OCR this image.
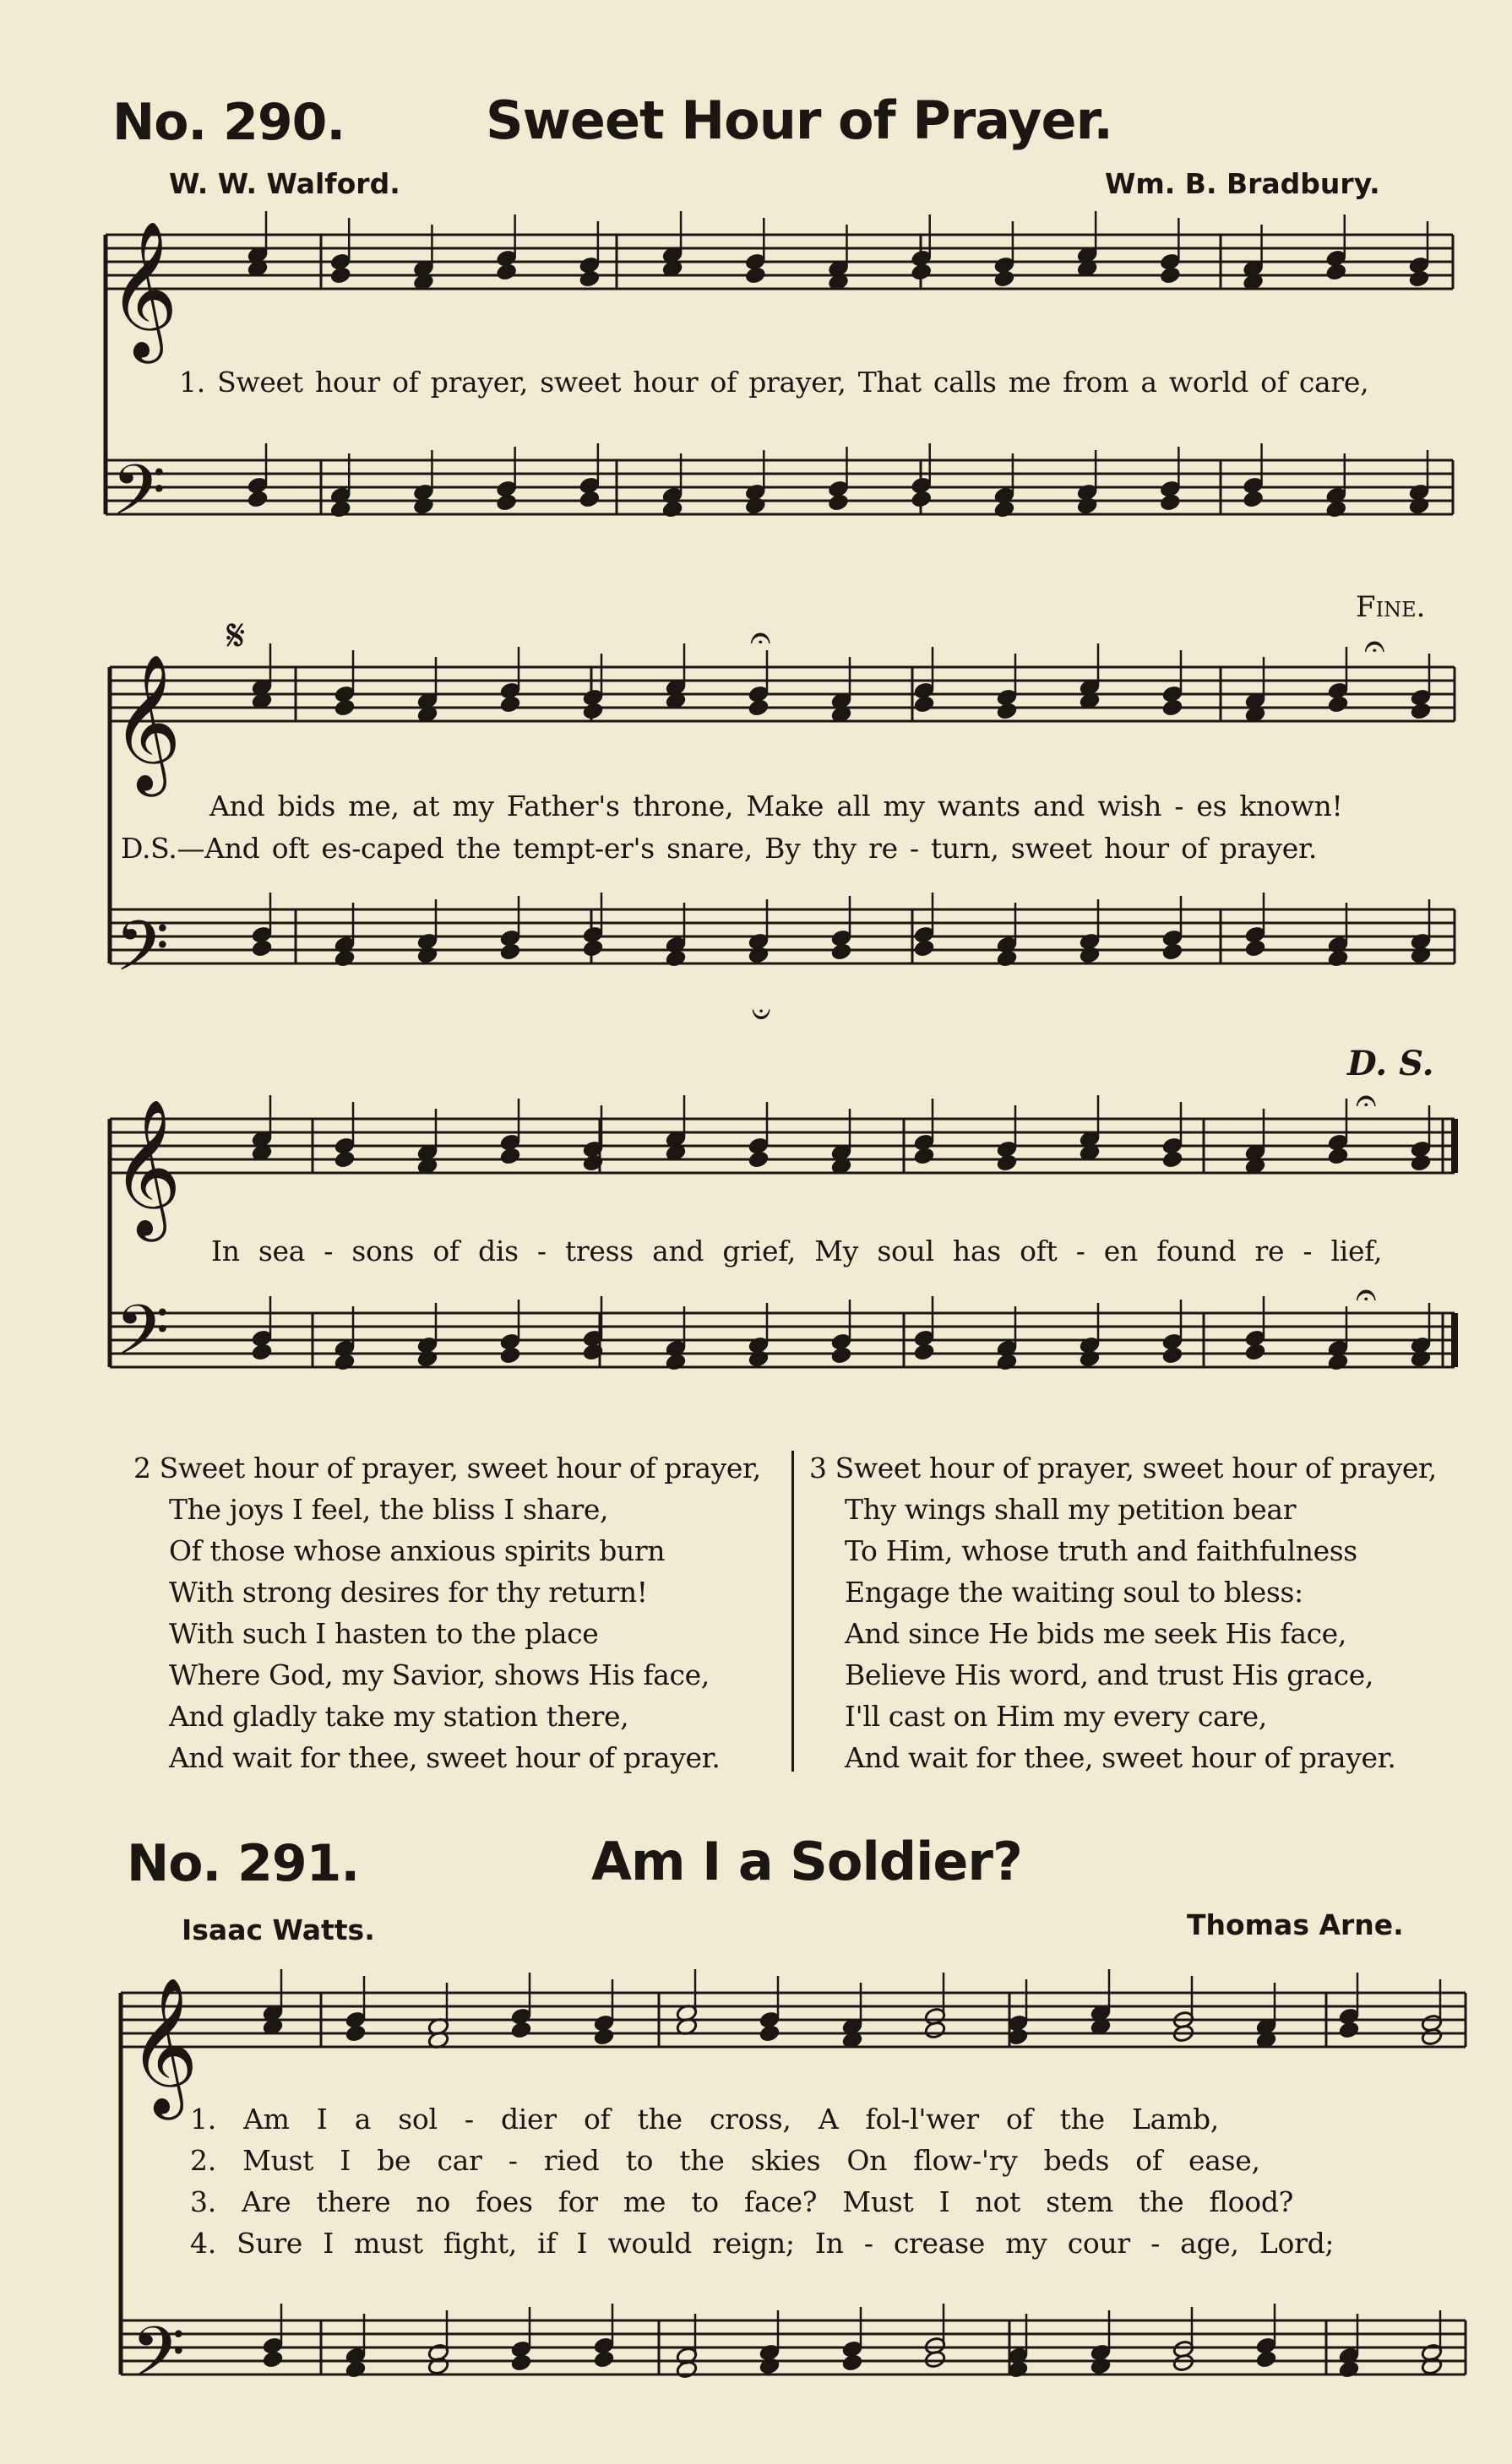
No. 290.	Sweet Hour of Prayer.
W. W. Walford.	Wm. B. Bradbury.
𝄞
𝄢
𝄞
𝄢
𝄞
𝄢
𝄞
𝄢
𝄋	𝄐	𝄐
𝄐
𝄐
𝄑
1. Sweet hour of prayer, sweet hour of prayer, That calls me from a world of care,
Fine.
And bids me, at my Father's throne, Make all my wants and wish - es known!
D.S.—And oft es-caped the tempt-er's snare, By thy re - turn, sweet hour of prayer.
D. S.
In sea - sons of dis - tress and grief, My soul has oft - en found re - lief,
2 Sweet hour of prayer, sweet hour of prayer,
The joys I feel, the bliss I share,
Of those whose anxious spirits burn
With strong desires for thy return!
With such I hasten to the place
Where God, my Savior, shows His face,
And gladly take my station there,
And wait for thee, sweet hour of prayer.
3 Sweet hour of prayer, sweet hour of prayer,
Thy wings shall my petition bear
To Him, whose truth and faithfulness
Engage the waiting soul to bless:
And since He bids me seek His face,
Believe His word, and trust His grace,
I'll cast on Him my every care,
And wait for thee, sweet hour of prayer.
No. 291.	Am I a Soldier?
Isaac Watts.	Thomas Arne.
1. Am I a sol - dier of the cross, A fol-l'wer of the Lamb,
2. Must I be car - ried to the skies On flow-'ry beds of ease,
3. Are there no foes for me to face? Must I not stem the flood?
4. Sure I must fight, if I would reign; In - crease my cour - age, Lord;
